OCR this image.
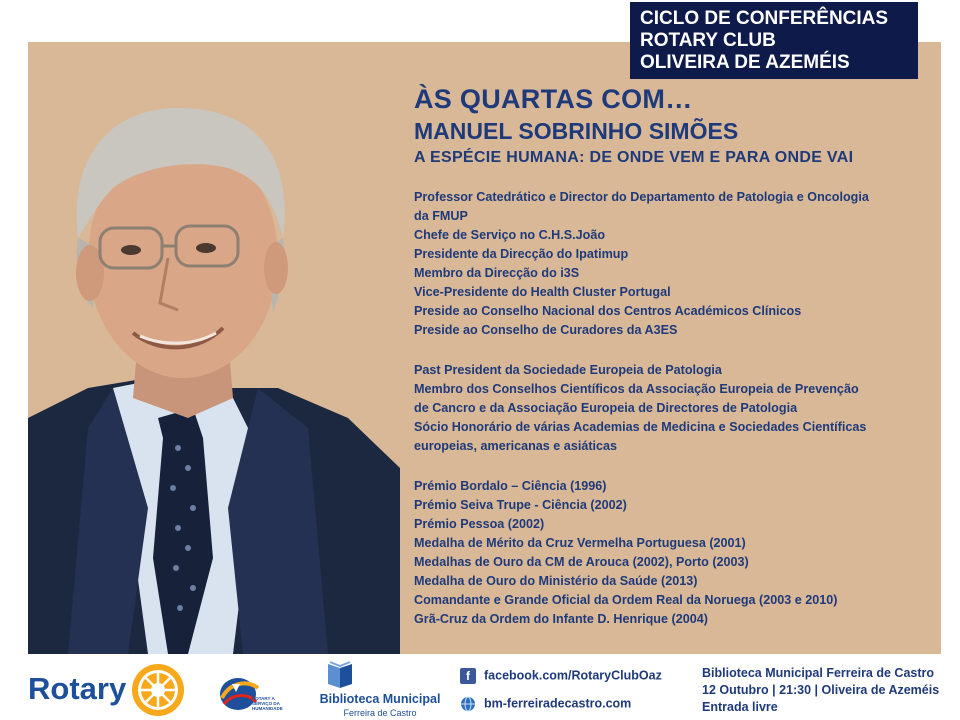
CICLO DE CONFERÊNCIAS
ROTARY CLUB
OLIVEIRA DE AZEMÉIS
ÀS QUARTAS COM…
MANUEL SOBRINHO SIMÕES
A ESPÉCIE HUMANA: DE ONDE VEM E PARA ONDE VAI
Professor Catedrático e Director do Departamento de Patologia e Oncologia
da FMUP
Chefe de Serviço no C.H.S.João
Presidente da Direcção do Ipatimup
Membro da Direcção do i3S
Vice-Presidente do Health Cluster Portugal
Preside ao Conselho Nacional dos Centros Académicos Clínicos
Preside ao Conselho de Curadores da A3ES
Past President da Sociedade Europeia de Patologia
Membro dos Conselhos Científicos da Associação Europeia de Prevenção
de Cancro e da Associação Europeia de Directores de Patologia
Sócio Honorário de várias Academias de Medicina e Sociedades Científicas
europeias, americanas e asiáticas
Prémio Bordalo – Ciência (1996)
Prémio Seiva Trupe - Ciência (2002)
Prémio Pessoa (2002)
Medalha de Mérito da Cruz Vermelha Portuguesa (2001)
Medalhas de Ouro da CM de Arouca (2002), Porto (2003)
Medalha de Ouro do Ministério da Saúde (2013)
Comandante e Grande Oficial da Ordem Real da Noruega (2003 e 2010)
Grã-Cruz da Ordem do Infante D. Henrique (2004)
Rotary	ROTARY A SERVIÇO DA HUMANIDADE
Biblioteca Municipal
Ferreira de Castro
f facebook.com/RotaryClubOaz
bm-ferreiradecastro.com
Biblioteca Municipal Ferreira de Castro
12 Outubro | 21:30 | Oliveira de Azeméis
Entrada livre
